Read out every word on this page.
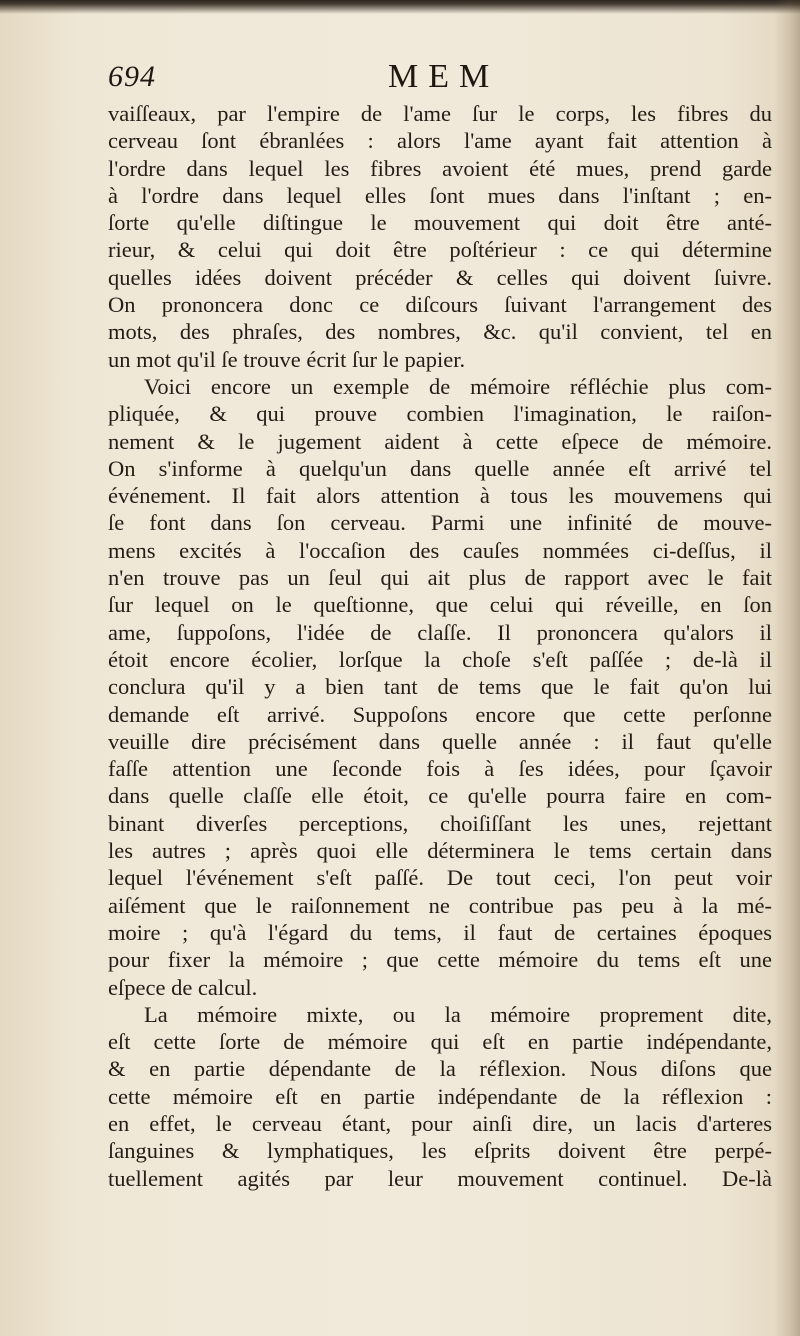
694	MEM
vaiſſeaux, par l'empire de l'ame ſur le corps, les fibres du
cerveau ſont ébranlées : alors l'ame ayant fait attention à
l'ordre dans lequel les fibres avoient été mues, prend garde
à l'ordre dans lequel elles ſont mues dans l'inſtant ; en-
ſorte qu'elle diſtingue le mouvement qui doit être anté-
rieur, & celui qui doit être poſtérieur : ce qui détermine
quelles idées doivent précéder & celles qui doivent ſuivre.
On prononcera donc ce diſcours ſuivant l'arrangement des
mots, des phraſes, des nombres, &c. qu'il convient, tel en
un mot qu'il ſe trouve écrit ſur le papier.
Voici encore un exemple de mémoire réfléchie plus com-
pliquée, & qui prouve combien l'imagination, le raiſon-
nement & le jugement aident à cette eſpece de mémoire.
On s'informe à quelqu'un dans quelle année eſt arrivé tel
événement. Il fait alors attention à tous les mouvemens qui
ſe font dans ſon cerveau. Parmi une infinité de mouve-
mens excités à l'occaſion des cauſes nommées ci-deſſus, il
n'en trouve pas un ſeul qui ait plus de rapport avec le fait
ſur lequel on le queſtionne, que celui qui réveille, en ſon
ame, ſuppoſons, l'idée de claſſe. Il prononcera qu'alors il
étoit encore écolier, lorſque la choſe s'eſt paſſée ; de-là il
conclura qu'il y a bien tant de tems que le fait qu'on lui
demande eſt arrivé. Suppoſons encore que cette perſonne
veuille dire précisément dans quelle année : il faut qu'elle
faſſe attention une ſeconde fois à ſes idées, pour ſçavoir
dans quelle claſſe elle étoit, ce qu'elle pourra faire en com-
binant diverſes perceptions, choiſiſſant les unes, rejettant
les autres ; après quoi elle déterminera le tems certain dans
lequel l'événement s'eſt paſſé. De tout ceci, l'on peut voir
aiſément que le raiſonnement ne contribue pas peu à la mé-
moire ; qu'à l'égard du tems, il faut de certaines époques
pour fixer la mémoire ; que cette mémoire du tems eſt une
eſpece de calcul.
La mémoire mixte, ou la mémoire proprement dite,
eſt cette ſorte de mémoire qui eſt en partie indépendante,
& en partie dépendante de la réflexion. Nous diſons que
cette mémoire eſt en partie indépendante de la réflexion :
en effet, le cerveau étant, pour ainſi dire, un lacis d'arteres
ſanguines & lymphatiques, les eſprits doivent être perpé-
tuellement agités par leur mouvement continuel. De-là
